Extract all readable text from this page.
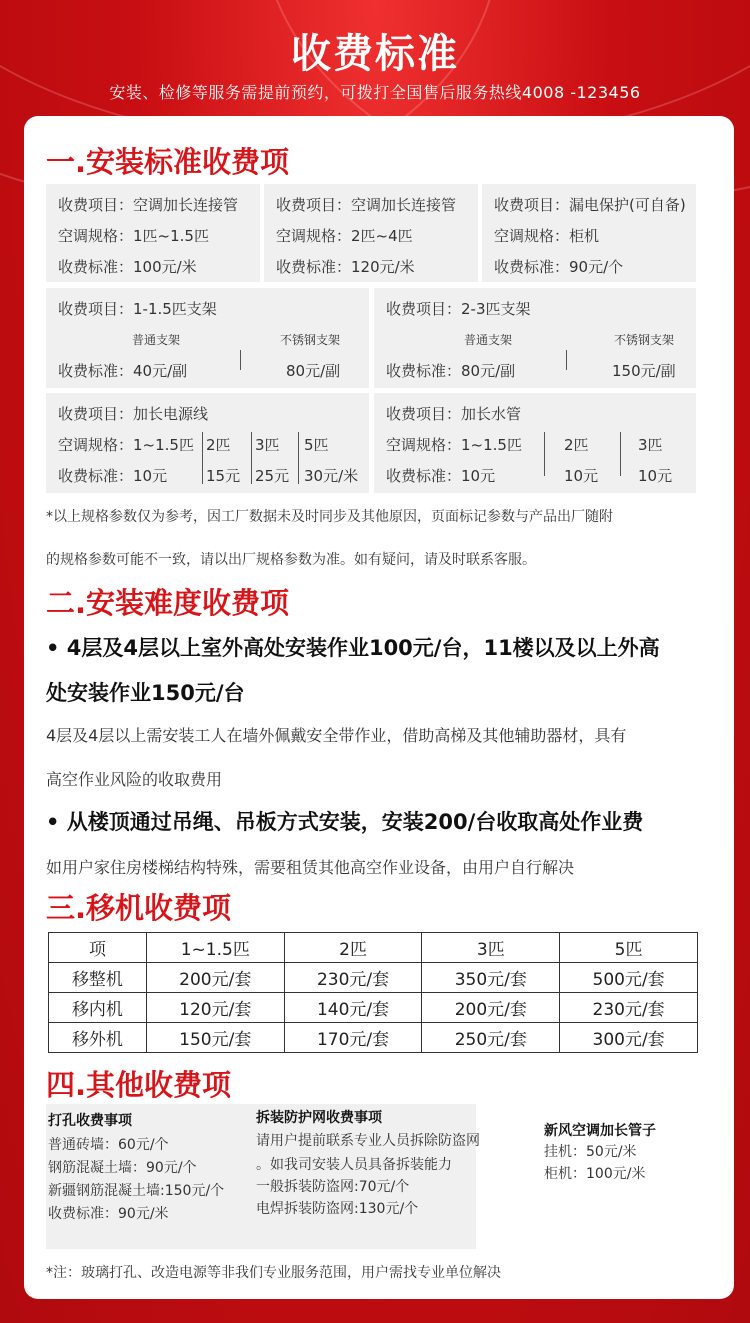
收费标准
安装、检修等服务需提前预约，可拨打全国售后服务热线4008 -123456
一.安装标准收费项
收费项目：空调加长连接管
空调规格：1匹~1.5匹
收费标准：100元/米
收费项目：空调加长连接管
空调规格：2匹~4匹
收费标准：120元/米
收费项目：漏电保护(可自备)
空调规格：柜机
收费标准：90元/个
收费项目：1-1.5匹支架
普通支架	不锈钢支架
收费标准：40元/副	80元/副
收费项目：2-3匹支架
普通支架	不锈钢支架
收费标准：80元/副	150元/副
收费项目：加长电源线
空调规格：1~1.5匹 2匹 3匹 5匹
收费标准：10元	15元 25元 30元/米
收费项目：加长水管
空调规格：1~1.5匹	2匹	3匹
收费标准：10元	10元	10元
*以上规格参数仅为参考，因工厂数据未及时同步及其他原因，页面标记参数与产品出厂随附
的规格参数可能不一致，请以出厂规格参数为准。如有疑问，请及时联系客服。
二.安装难度收费项
• 4层及4层以上室外高处安装作业100元/台，11楼以及以上外高
处安装作业150元/台
4层及4层以上需安装工人在墙外佩戴安全带作业，借助高梯及其他辅助器材，具有
高空作业风险的收取费用
• 从楼顶通过吊绳、吊板方式安装，安装200/台收取高处作业费
如用户家住房楼梯结构特殊，需要租赁其他高空作业设备，由用户自行解决
三.移机收费项
项	1~1.5匹	2匹	3匹	5匹
移整机	200元/套	230元/套	350元/套	500元/套
移内机	120元/套	140元/套	200元/套	230元/套
移外机	150元/套	170元/套	250元/套	300元/套
四.其他收费项
打孔收费事项
普通砖墙：60元/个
钢筋混凝土墙：90元/个
新疆钢筋混凝土墙:150元/个
收费标准：90元/米
拆装防护网收费事项
请用户提前联系专业人员拆除防盗网
。如我司安装人员具备拆装能力
一般拆装防盗网:70元/个
电焊拆装防盗网:130元/个
新风空调加长管子
挂机：50元/米
柜机：100元/米
*注：玻璃打孔、改造电源等非我们专业服务范围，用户需找专业单位解决
